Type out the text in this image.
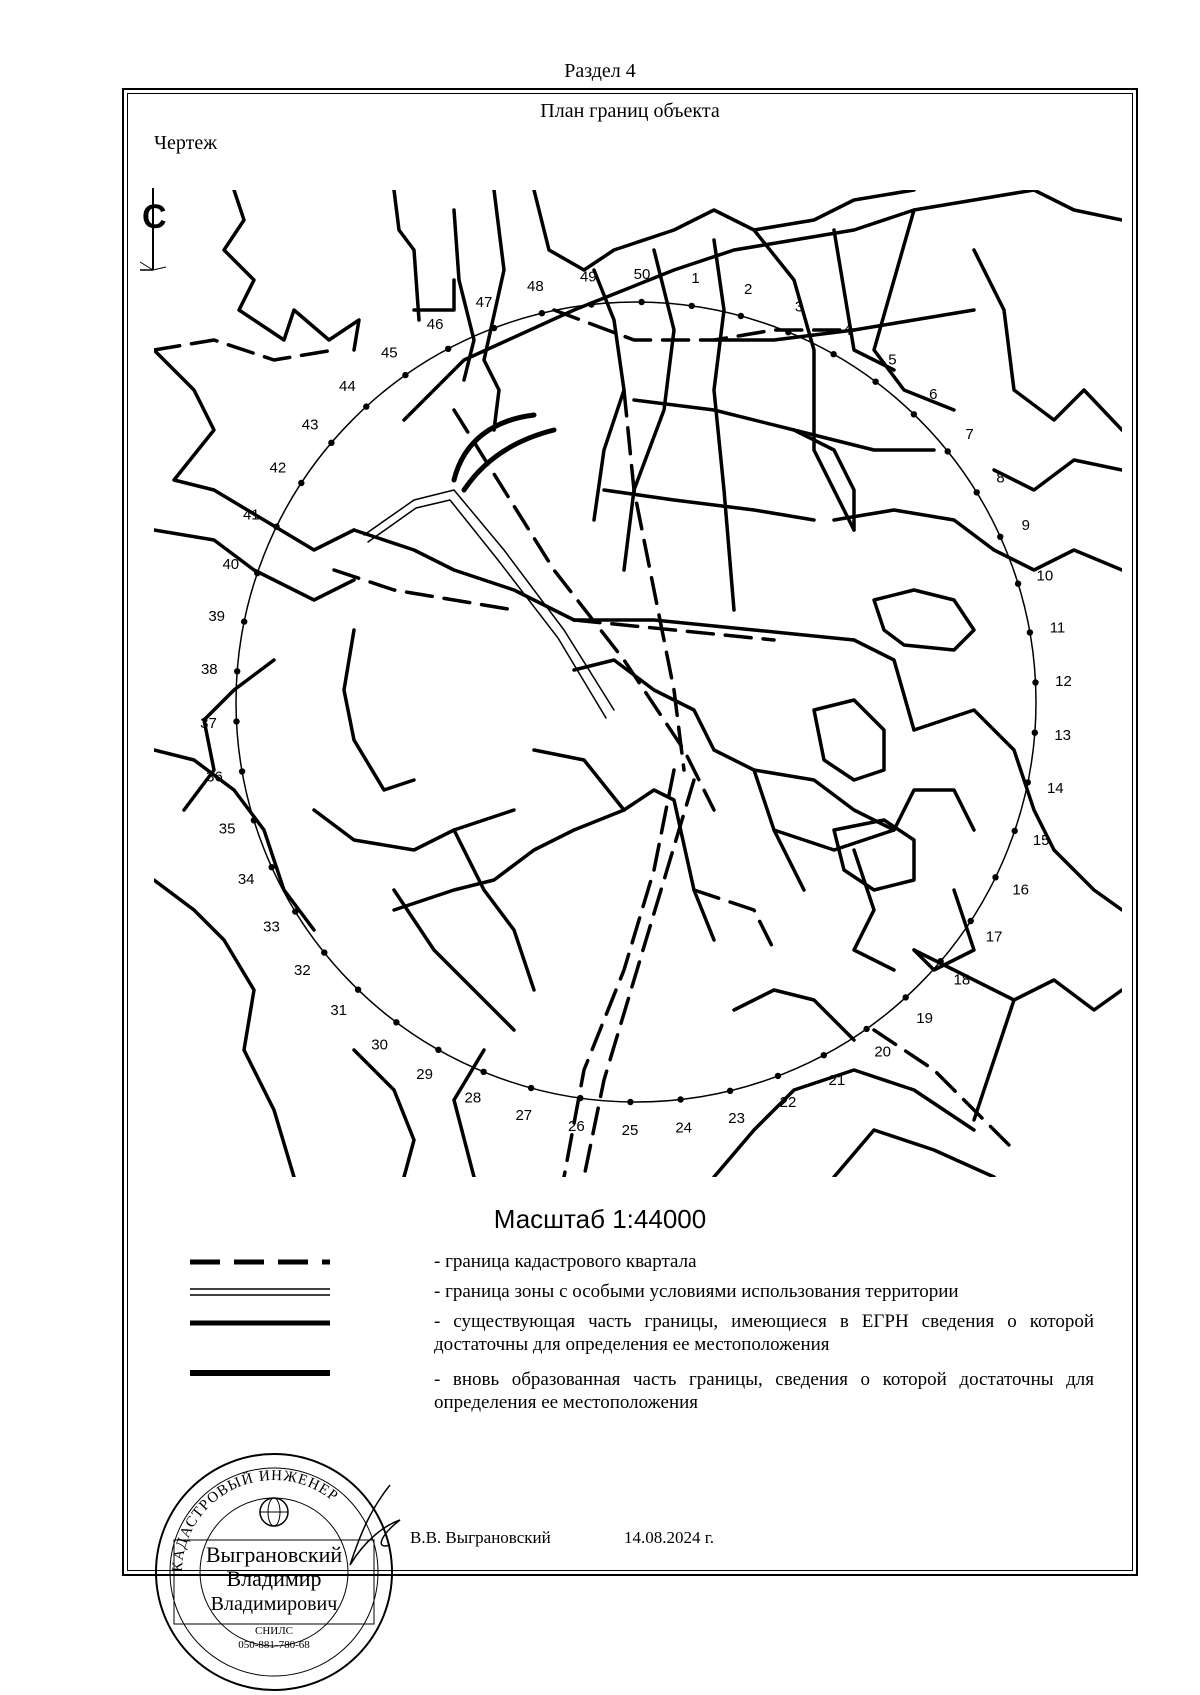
Раздел 4
План границ объекта
Чертеж
С
1
2
3
4
5
6
7
8
9
10
11
12
13
14
15
16
17
18
19
20
21
22
23
24
25
26
27
28
29
30
31
32
33
34
35
36
37
38
39
40
41
42
43
44
45
46
47
48
49 50
Масштаб 1:44000
- граница кадастрового квартала
- граница зоны с особыми условиями использования территории
- существующая часть границы, имеющиеся в ЕГРН сведения о которой достаточны для определения ее местоположения
- вновь образованная часть границы, сведения о которой достаточны для определения ее местоположения
КАДАСТРОВЫЙ ИНЖЕНЕР
Выграновский
Владимир
Владимирович
СНИЛС
050-881-780-68
В.В. Выграновский	14.08.2024 г.
